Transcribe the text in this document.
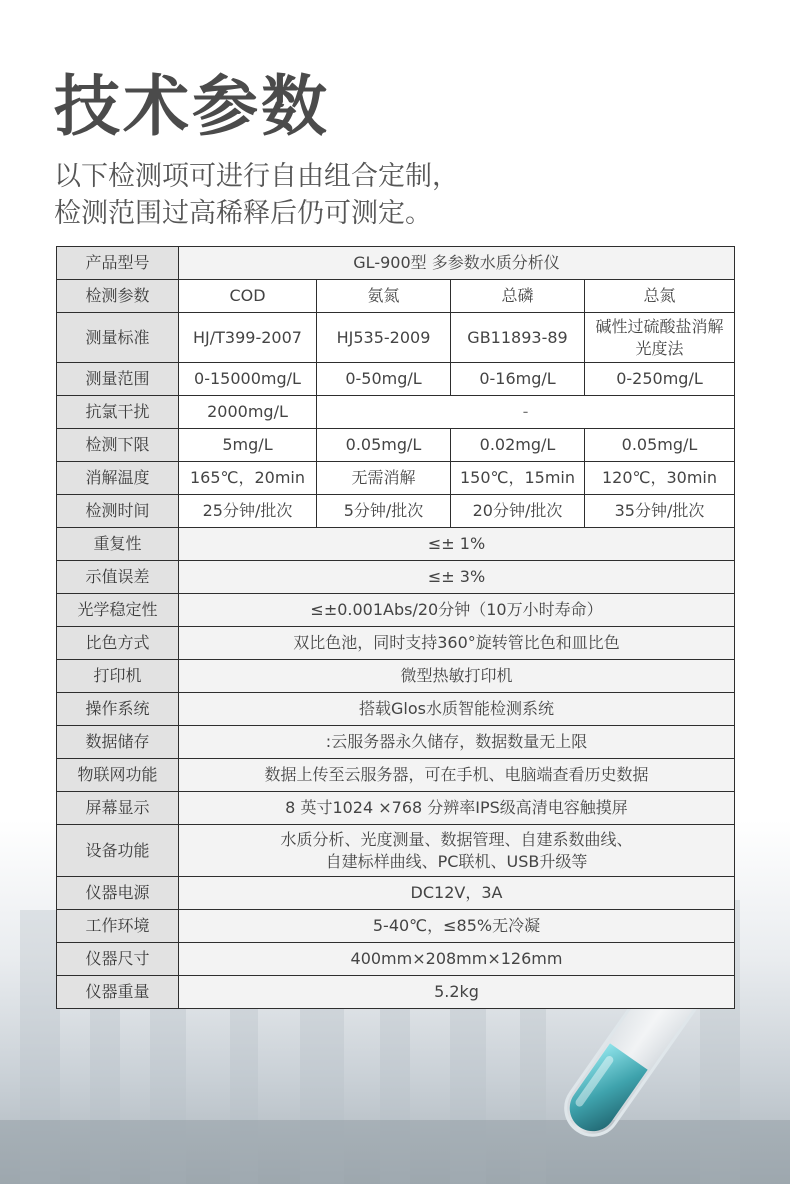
技术参数
以下检测项可进行自由组合定制，
检测范围过高稀释后仍可测定。
产品型号	GL-900型 多参数水质分析仪			
检测参数	COD	氨氮	总磷	总氮
测量标准	HJ/T399-2007	HJ535-2009	GB11893-89	碱性过硫酸盐消解光度法
测量范围	0-15000mg/L	0-50mg/L	0-16mg/L	0-250mg/L
抗氯干扰	2000mg/L	-		
检测下限	5mg/L	0.05mg/L	0.02mg/L	0.05mg/L
消解温度	165℃，20min	无需消解	150℃，15min	120℃，30min
检测时间	25分钟/批次	5分钟/批次	20分钟/批次	35分钟/批次
重复性	≤± 1%			
示值误差	≤± 3%			
光学稳定性	≤±0.001Abs/20分钟（10万小时寿命）			
比色方式	双比色池，同时支持360°旋转管比色和皿比色			
打印机	微型热敏打印机			
操作系统	搭载Glos水质智能检测系统			
数据储存	:云服务器永久储存，数据数量无上限			
物联网功能	数据上传至云服务器，可在手机、电脑端查看历史数据			
屏幕显示	8 英寸1024 ×768 分辨率IPS级高清电容触摸屏			
设备功能	水质分析、光度测量、数据管理、自建系数曲线、
自建标样曲线、PC联机、USB升级等			

仪器电源	DC12V，3A			
工作环境	5-40℃，≤85%无冷凝			
仪器尺寸	400mm×208mm×126mm			
仪器重量	5.2kg			
